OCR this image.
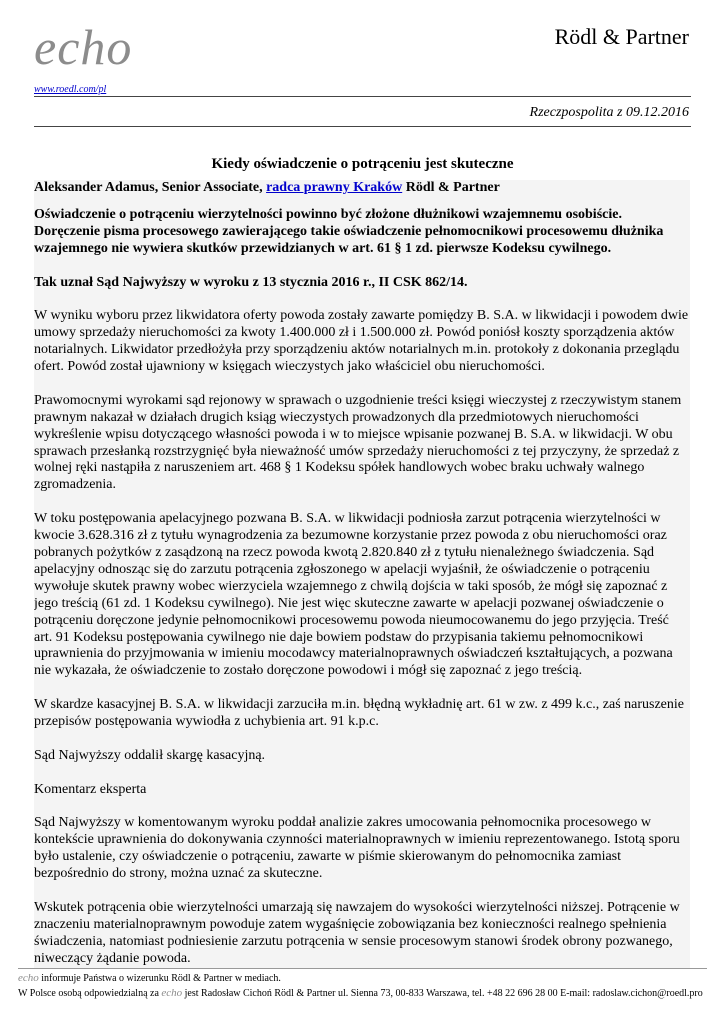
echo
www.roedl.com/pl
Rödl & Partner
Rzeczpospolita z 09.12.2016
Kiedy oświadczenie o potrąceniu jest skuteczne

Aleksander Adamus, Senior Associate, radca prawny Kraków Rödl & Partner

Oświadczenie o potrąceniu wierzytelności powinno być złożone dłużnikowi wzajemnemu osobiście. Doręczenie pisma procesowego zawierającego takie oświadczenie pełnomocnikowi procesowemu dłużnika wzajemnego nie wywiera skutków przewidzianych w art. 61 § 1 zd. pierwsze Kodeksu cywilnego.

Tak uznał Sąd Najwyższy w wyroku z 13 stycznia 2016 r., II CSK 862/14.

W wyniku wyboru przez likwidatora oferty powoda zostały zawarte pomiędzy B. S.A. w likwidacji i powodem dwie umowy sprzedaży nieruchomości za kwoty 1.400.000 zł i 1.500.000 zł. Powód poniósł koszty sporządzenia aktów notarialnych. Likwidator przedłożyła przy sporządzeniu aktów notarialnych m.in. protokoły z dokonania przeglądu ofert. Powód został ujawniony w księgach wieczystych jako właściciel obu nieruchomości.

Prawomocnymi wyrokami sąd rejonowy w sprawach o uzgodnienie treści księgi wieczystej z rzeczywistym stanem prawnym nakazał w działach drugich ksiąg wieczystych prowadzonych dla przedmiotowych nieruchomości wykreślenie wpisu dotyczącego własności powoda i w to miejsce wpisanie pozwanej B. S.A. w likwidacji. W obu sprawach przesłanką rozstrzygnięć była nieważność umów sprzedaży nieruchomości z tej przyczyny, że sprzedaż z wolnej ręki nastąpiła z naruszeniem art. 468 § 1 Kodeksu spółek handlowych wobec braku uchwały walnego zgromadzenia.

W toku postępowania apelacyjnego pozwana B. S.A. w likwidacji podniosła zarzut potrącenia wierzytelności w kwocie 3.628.316 zł z tytułu wynagrodzenia za bezumowne korzystanie przez powoda z obu nieruchomości oraz pobranych pożytków z zasądzoną na rzecz powoda kwotą 2.820.840 zł z tytułu nienależnego świadczenia. Sąd apelacyjny odnosząc się do zarzutu potrącenia zgłoszonego w apelacji wyjaśnił, że oświadczenie o potrąceniu wywołuje skutek prawny wobec wierzyciela wzajemnego z chwilą dojścia w taki sposób, że mógł się zapoznać z jego treścią (61 zd. 1 Kodeksu cywilnego). Nie jest więc skuteczne zawarte w apelacji pozwanej oświadczenie o potrąceniu doręczone jedynie pełnomocnikowi procesowemu powoda nieumocowanemu do jego przyjęcia. Treść art. 91 Kodeksu postępowania cywilnego nie daje bowiem podstaw do przypisania takiemu pełnomocnikowi uprawnienia do przyjmowania w imieniu mocodawcy materialnoprawnych oświadczeń kształtujących, a pozwana nie wykazała, że oświadczenie to zostało doręczone powodowi i mógł się zapoznać z jego treścią.

W skardze kasacyjnej B. S.A. w likwidacji zarzuciła m.in. błędną wykładnię art. 61 w zw. z 499 k.c., zaś naruszenie przepisów postępowania wywiodła z uchybienia art. 91 k.p.c.

Sąd Najwyższy oddalił skargę kasacyjną.

Komentarz eksperta

Sąd Najwyższy w komentowanym wyroku poddał analizie zakres umocowania pełnomocnika procesowego w kontekście uprawnienia do dokonywania czynności materialnoprawnych w imieniu reprezentowanego. Istotą sporu było ustalenie, czy oświadczenie o potrąceniu, zawarte w piśmie skierowanym do pełnomocnika zamiast bezpośrednio do strony, można uznać za skuteczne.

Wskutek potrącenia obie wierzytelności umarzają się nawzajem do wysokości wierzytelności niższej. Potrącenie w znaczeniu materialnoprawnym powoduje zatem wygaśnięcie zobowiązania bez konieczności realnego spełnienia świadczenia, natomiast podniesienie zarzutu potrącenia w sensie procesowym stanowi środek obrony pozwanego, niweczący żądanie powoda.

echo informuje Państwa o wizerunku Rödl & Partner w mediach.
W Polsce osobą odpowiedzialną za echo jest Radosław Cichoń Rödl & Partner ul. Sienna 73, 00-833 Warszawa, tel. +48 22 696 28 00 E-mail: radoslaw.cichon@roedl.pro
